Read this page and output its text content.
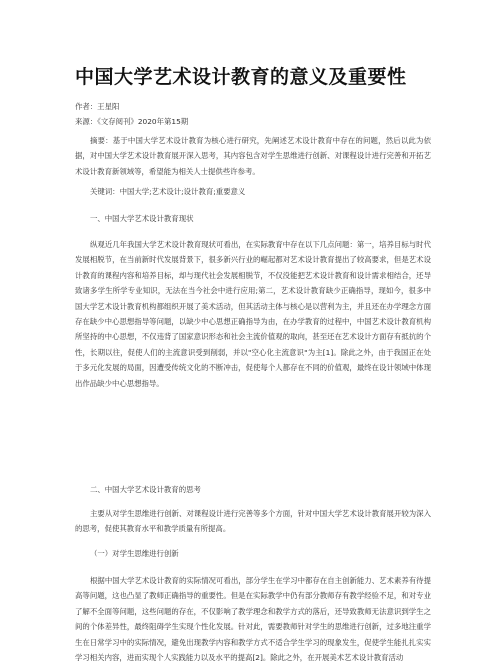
中国大学艺术设计教育的意义及重要性
作者：王星阳
来源：《文存阅刊》2020年第15期

摘要：基于中国大学艺术设计教育为核心进行研究，先阐述艺术设计教育中存在的问题，然后以此为依据，对中国大学艺术设计教育展开深入思考，其内容包含对学生思维进行创新、对课程设计进行完善和开拓艺术设计教育新领域等，希望能为相关人士提供些许参考。

关键词：中国大学;艺术设计;设计教育;重要意义

一、中国大学艺术设计教育现状

纵观近几年我国大学艺术设计教育现状可看出，在实际教育中存在以下几点问题：第一，培养目标与时代发展相脱节，在当前新时代发展背景下，很多新兴行业的崛起都对艺术设计教育提出了较高要求，但是艺术设计教育的课程内容和培养目标，却与现代社会发展相脱节，不仅没能把艺术设计教育和设计需求相结合，还导致诸多学生所学专业知识，无法在当今社会中进行应用;第二，艺术设计教育缺少正确指导，现如今，很多中国大学艺术设计教育机构都组织开展了美术活动，但其活动主体与核心是以营利为主，并且还在办学理念方面存在缺少中心思想指导等问题，以缺少中心思想正确指导为由，在办学教育的过程中，中国艺术设计教育机构所坚持的中心思想，不仅违背了国家意识形态和社会主流价值观的取向，甚至还在艺术设计方面存有抵抗的个性，长期以往，促使人们的主流意识受到削弱，并以"空心化主流意识"为主[1]。除此之外，由于我国正在处于多元化发展的局面，因遭受传统文化的不断冲击，促使每个人都存在不同的价值观，最终在设计领域中体现出作品缺少中心思想指导。

二、中国大学艺术设计教育的思考

主要从对学生思维进行创新、对课程设计进行完善等多个方面，针对中国大学艺术设计教育展开较为深入的思考，促使其教育水平和教学质量有所提高。

（一）对学生思维进行创新

根据中国大学艺术设计教育的实际情况可看出，部分学生在学习中都存在自主创新能力、艺术素养有待提高等问题，这也凸显了教师正确指导的重要性。但是在实际教学中仍有部分教师存有教学经验不足，和对专业了解不全面等问题，这些问题的存在，不仅影响了教学理念和教学方式的落后，还导致教师无法意识到学生之间的个体差异性，最终阻碍学生实现个性化发展。针对此，需要教师针对学生的思维进行创新，过多地注重学生在日常学习中的实际情况，避免出现教学内容和教学方式不适合学生学习的现象发生，促使学生能扎扎实实学习相关内容，进而实现个人实践能力以及水平的提高[2]。除此之外，在开展美术艺术设计教育活动
